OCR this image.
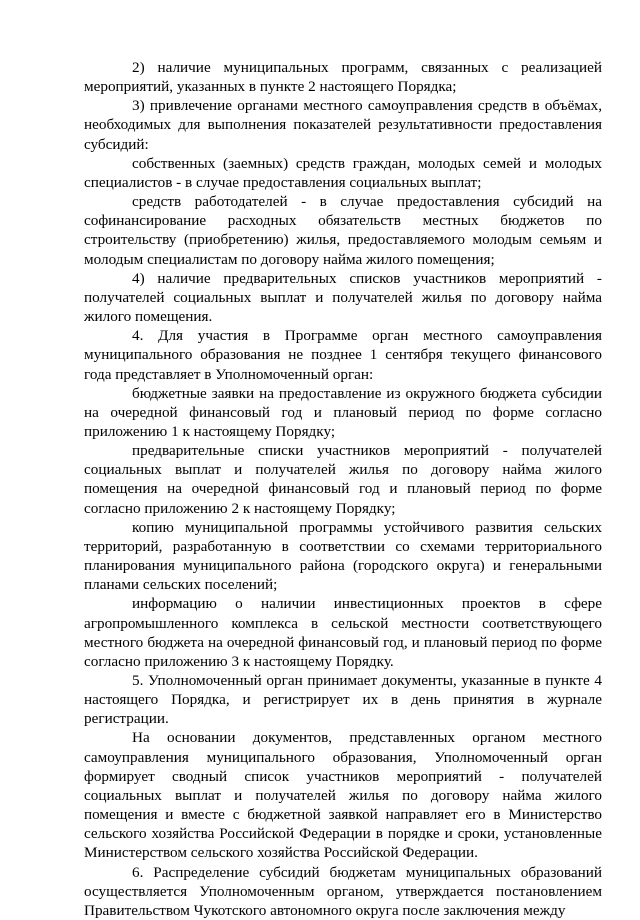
2) наличие муниципальных программ, связанных с реализацией мероприятий, указанных в пункте 2 настоящего Порядка;

3) привлечение органами местного самоуправления средств в объёмах, необходимых для выполнения показателей результативности предоставления субсидий:

собственных (заемных) средств граждан, молодых семей и молодых специалистов - в случае предоставления социальных выплат;

средств работодателей - в случае предоставления субсидий на софинансирование расходных обязательств местных бюджетов по строительству (приобретению) жилья, предоставляемого молодым семьям и молодым специалистам по договору найма жилого помещения;

4) наличие предварительных списков участников мероприятий - получателей социальных выплат и получателей жилья по договору найма жилого помещения.

4. Для участия в Программе орган местного самоуправления муниципального образования не позднее 1 сентября текущего финансового года представляет в Уполномоченный орган:

бюджетные заявки на предоставление из окружного бюджета субсидии на очередной финансовый год и плановый период по форме согласно приложению 1 к настоящему Порядку;

предварительные списки участников мероприятий - получателей социальных выплат и получателей жилья по договору найма жилого помещения на очередной финансовый год и плановый период по форме согласно приложению 2 к настоящему Порядку;

копию муниципальной программы устойчивого развития сельских территорий, разработанную в соответствии со схемами территориального планирования муниципального района (городского округа) и генеральными планами сельских поселений;

информацию о наличии инвестиционных проектов в сфере агропромышленного комплекса в сельской местности соответствующего местного бюджета на очередной финансовый год, и плановый период по форме согласно приложению 3 к настоящему Порядку.

5. Уполномоченный орган принимает документы, указанные в пункте 4 настоящего Порядка, и регистрирует их в день принятия в журнале регистрации.

На основании документов, представленных органом местного самоуправления муниципального образования, Уполномоченный орган формирует сводный список участников мероприятий - получателей социальных выплат и получателей жилья по договору найма жилого помещения и вместе с бюджетной заявкой направляет его в Министерство сельского хозяйства Российской Федерации в порядке и сроки, установленные Министерством сельского хозяйства Российской Федерации.

6. Распределение субсидий бюджетам муниципальных образований осуществляется Уполномоченным органом, утверждается постановлением Правительством Чукотского автономного округа после заключения между
